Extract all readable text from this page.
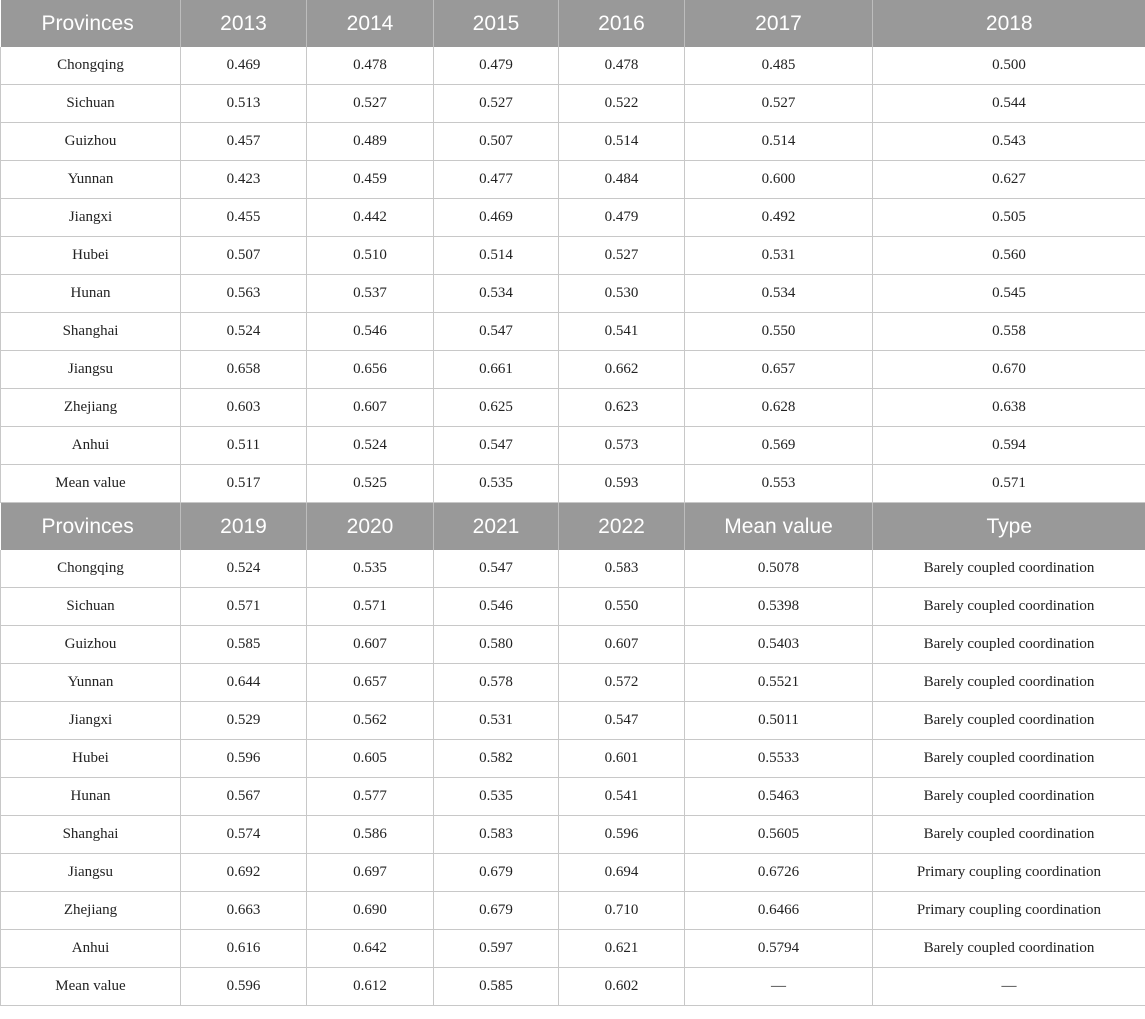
Provinces	2013	2014	2015	2016	2017	2018
Chongqing	0.469	0.478	0.479	0.478	0.485	0.500
Sichuan	0.513	0.527	0.527	0.522	0.527	0.544
Guizhou	0.457	0.489	0.507	0.514	0.514	0.543
Yunnan	0.423	0.459	0.477	0.484	0.600	0.627
Jiangxi	0.455	0.442	0.469	0.479	0.492	0.505
Hubei	0.507	0.510	0.514	0.527	0.531	0.560
Hunan	0.563	0.537	0.534	0.530	0.534	0.545
Shanghai	0.524	0.546	0.547	0.541	0.550	0.558
Jiangsu	0.658	0.656	0.661	0.662	0.657	0.670
Zhejiang	0.603	0.607	0.625	0.623	0.628	0.638
Anhui	0.511	0.524	0.547	0.573	0.569	0.594
Mean value	0.517	0.525	0.535	0.593	0.553	0.571
Provinces	2019	2020	2021	2022	Mean value	Type
Chongqing	0.524	0.535	0.547	0.583	0.5078	Barely coupled coordination
Sichuan	0.571	0.571	0.546	0.550	0.5398	Barely coupled coordination
Guizhou	0.585	0.607	0.580	0.607	0.5403	Barely coupled coordination
Yunnan	0.644	0.657	0.578	0.572	0.5521	Barely coupled coordination
Jiangxi	0.529	0.562	0.531	0.547	0.5011	Barely coupled coordination
Hubei	0.596	0.605	0.582	0.601	0.5533	Barely coupled coordination
Hunan	0.567	0.577	0.535	0.541	0.5463	Barely coupled coordination
Shanghai	0.574	0.586	0.583	0.596	0.5605	Barely coupled coordination
Jiangsu	0.692	0.697	0.679	0.694	0.6726	Primary coupling coordination
Zhejiang	0.663	0.690	0.679	0.710	0.6466	Primary coupling coordination
Anhui	0.616	0.642	0.597	0.621	0.5794	Barely coupled coordination
Mean value	0.596	0.612	0.585	0.602	—	—
